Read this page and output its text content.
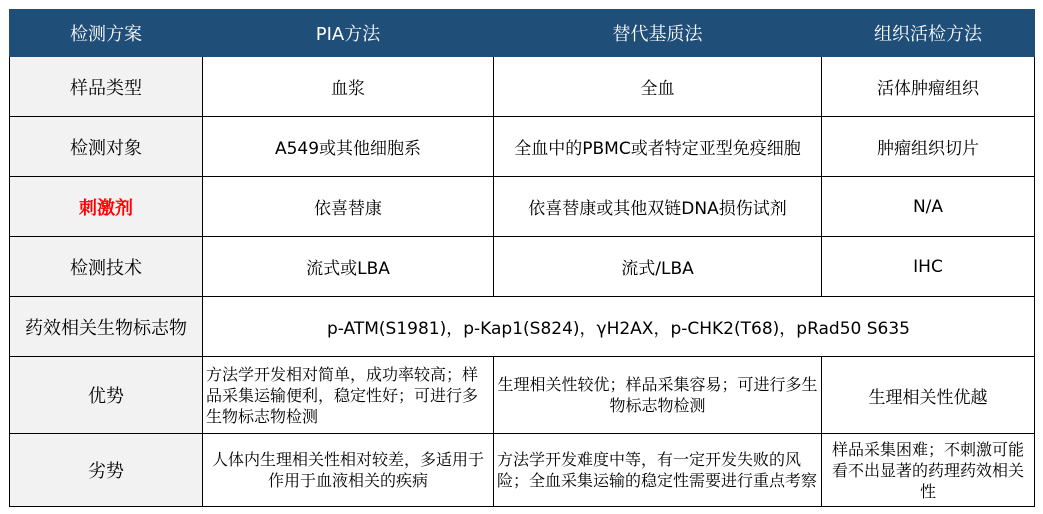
检测方案	PIA方法	替代基质法	组织活检方法
样品类型	血浆	全血	活体肿瘤组织
检测对象	A549或其他细胞系	全血中的PBMC或者特定亚型免疫细胞	肿瘤组织切片
刺激剂	依喜替康	依喜替康或其他双链DNA损伤试剂	N/A
检测技术	流式或LBA	流式/LBA	IHC
药效相关生物标志物	p-ATM(S1981)，p-Kap1(S824)，γH2AX，p-CHK2(T68)，pRad50 S635		
优势	方法学开发相对简单，成功率较高；样品采集运输便利，稳定性好；可进行多生物标志物检测	生理相关性较优；样品采集容易；可进行多生物标志物检测	生理相关性优越
劣势	人体内生理相关性相对较差，多适用于作用于血液相关的疾病	方法学开发难度中等，有一定开发失败的风险；全血采集运输的稳定性需要进行重点考察	样品采集困难；不刺激可能看不出显著的药理药效相关性
